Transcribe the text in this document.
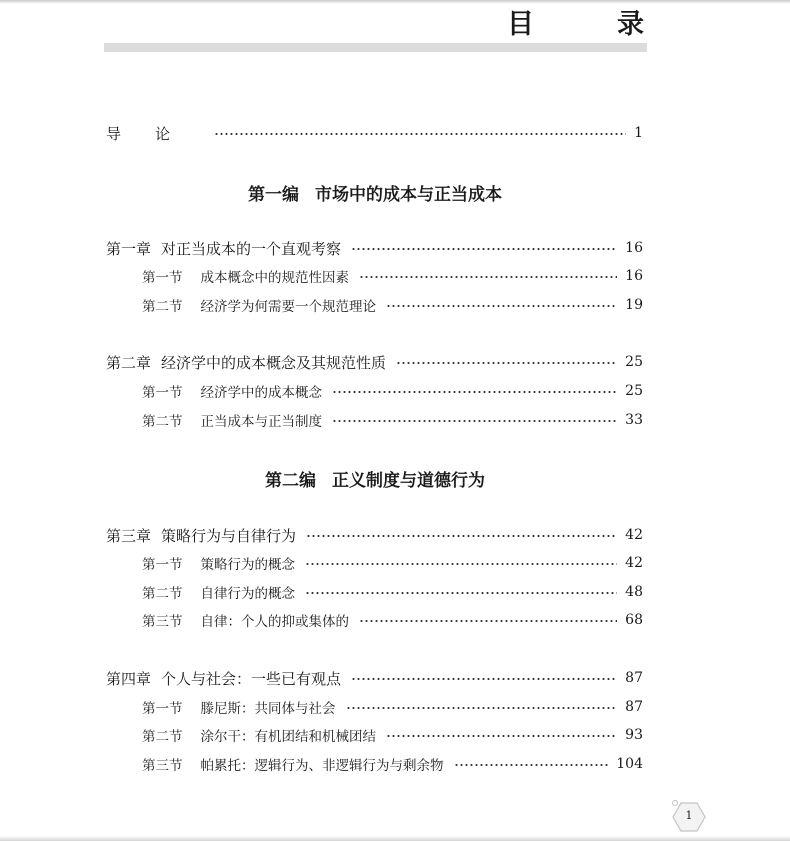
目　录
导论	1
第一编 市场中的成本与正当成本
第一章 对正当成本的一个直观考察	16
第一节 成本概念中的规范性因素	16
第二节 经济学为何需要一个规范理论	19
第二章 经济学中的成本概念及其规范性质	25
第一节 经济学中的成本概念	25
第二节 正当成本与正当制度	33
第二编 正义制度与道德行为
第三章 策略行为与自律行为	42
第一节 策略行为的概念	42
第二节 自律行为的概念	48
第三节 自律：个人的抑或集体的	68
第四章 个人与社会：一些已有观点	87
第一节 滕尼斯：共同体与社会	87
第二节 涂尔干：有机团结和机械团结	93
第三节 帕累托：逻辑行为、非逻辑行为与剩余物	104
1
